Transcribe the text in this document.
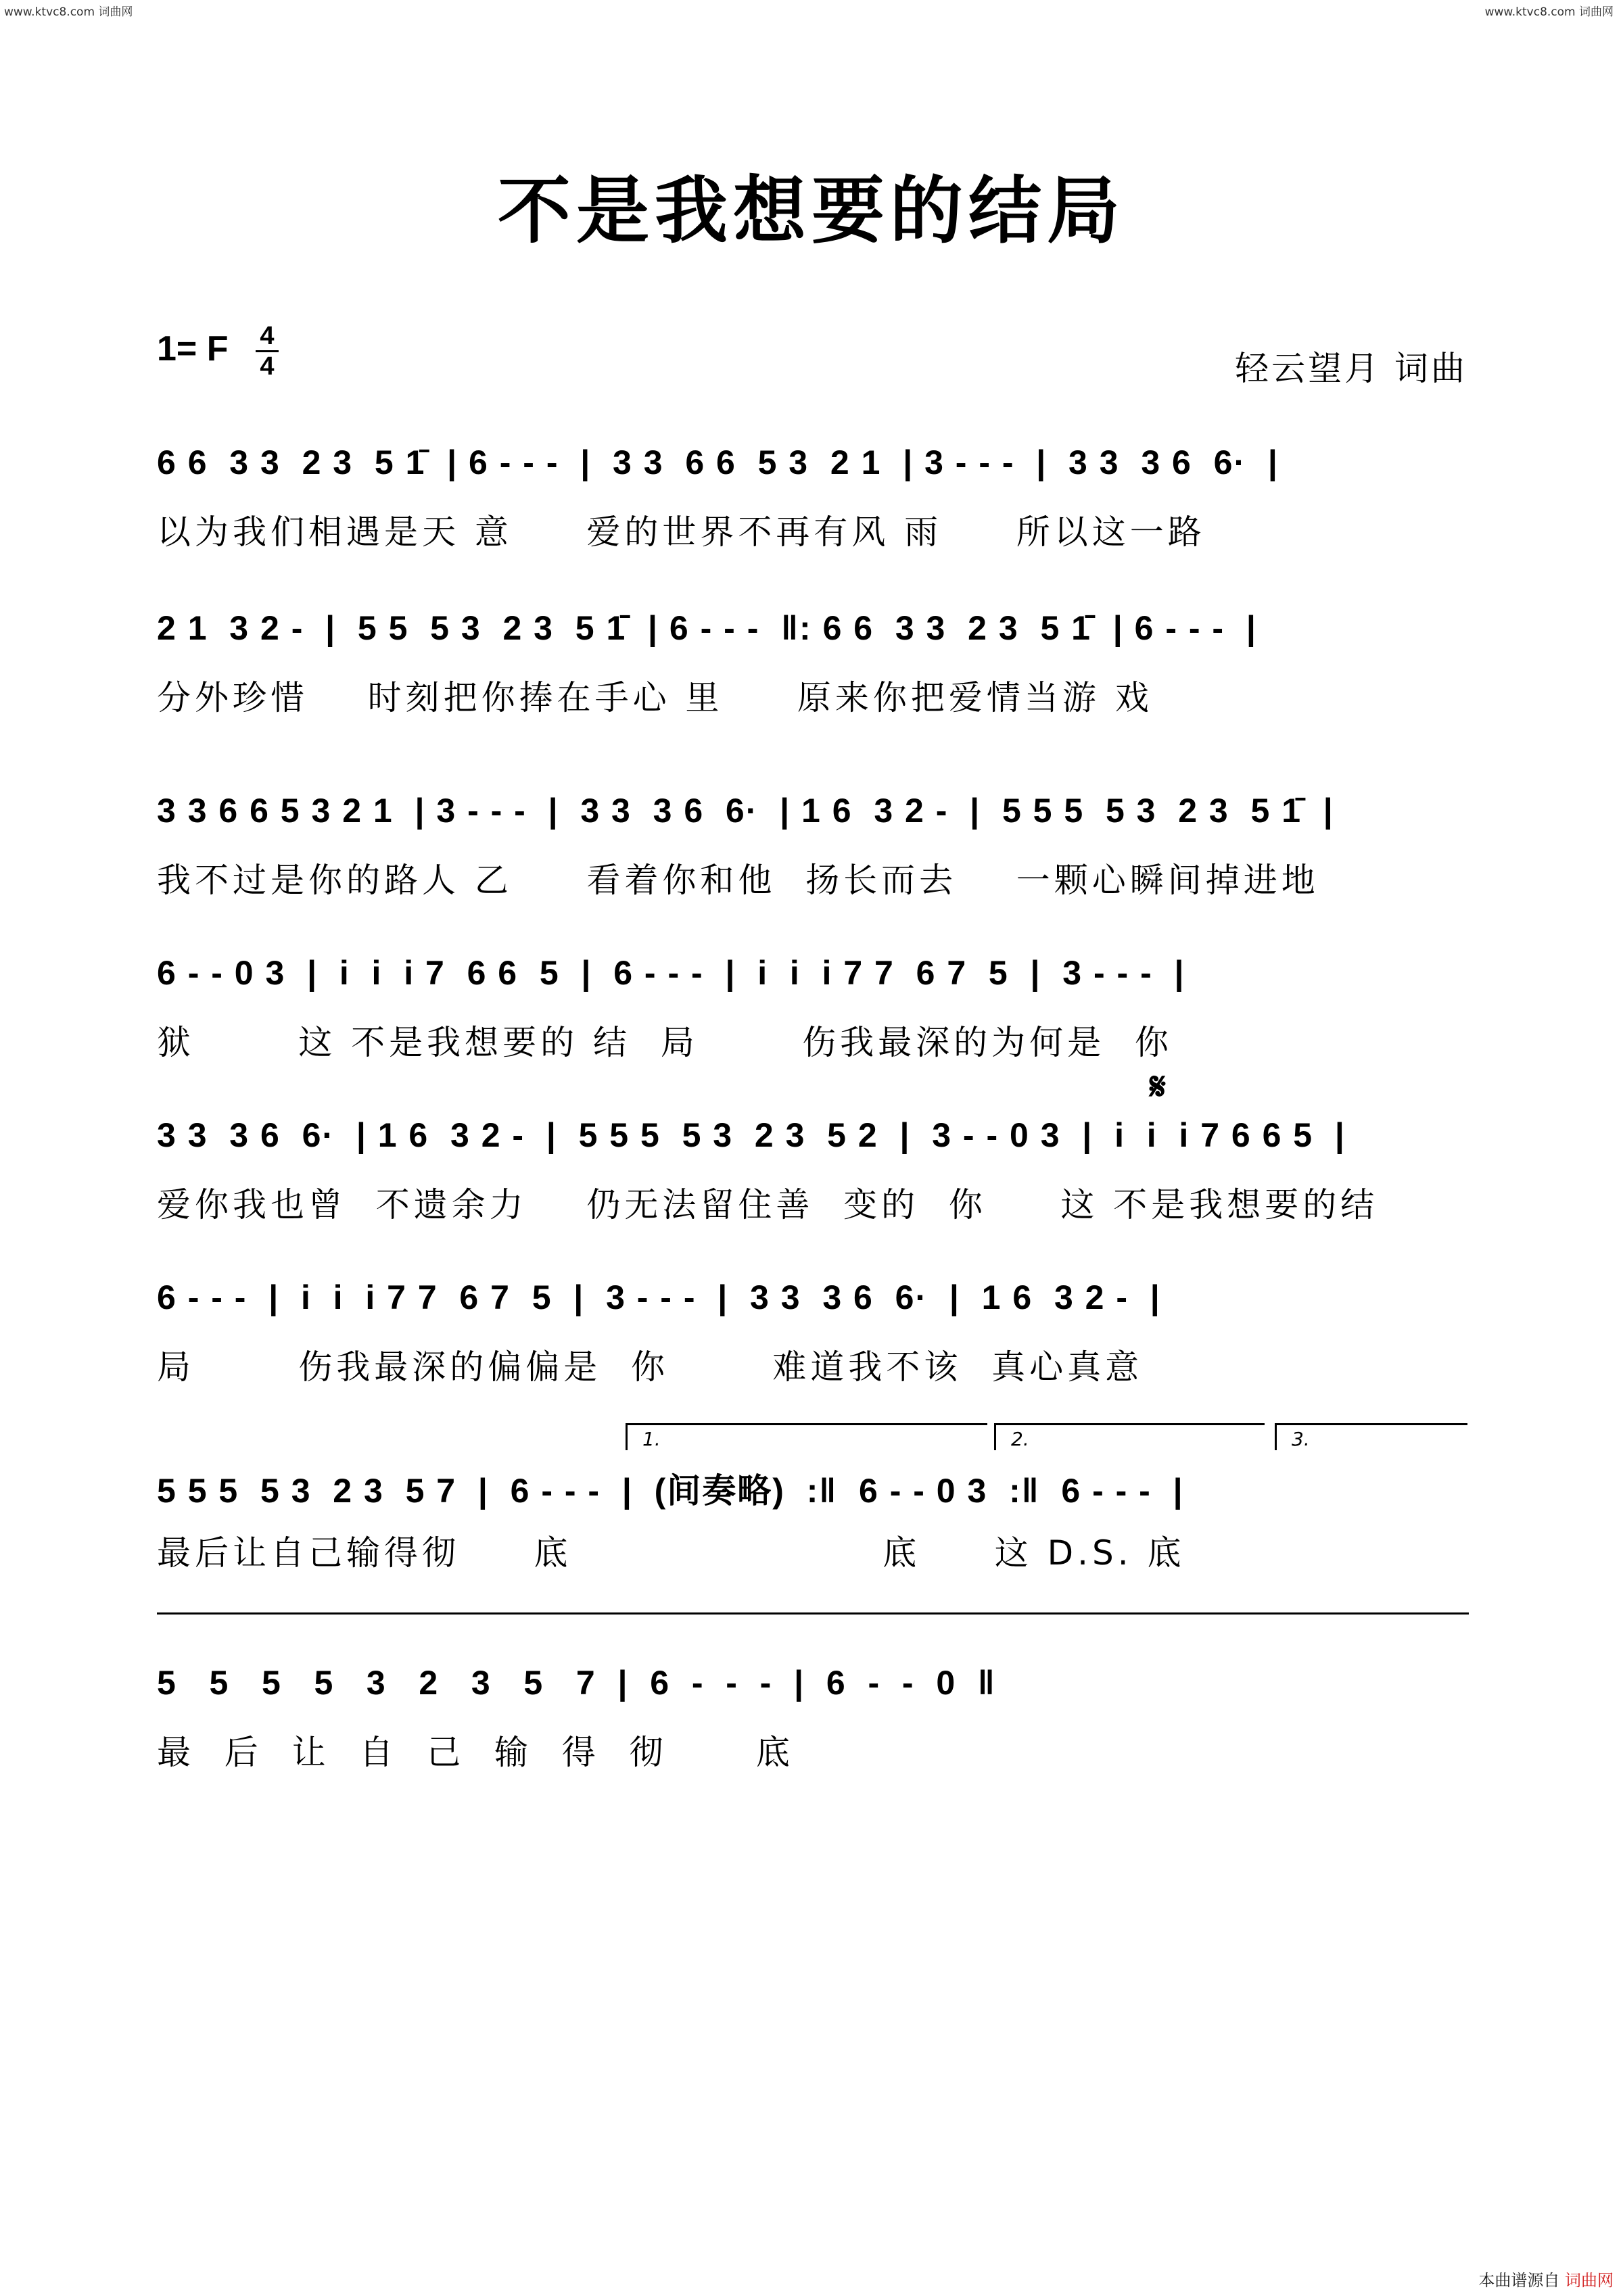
www.ktvc8.com 词曲网	www.ktvc8.com 词曲网
不是我想要的结局
1= F 4
4	轻云望月 词曲
6 6  3 3  2 3  5 1̄  | 6 - - -  |  3 3  6 6  5 3  2 1  | 3 - - -  |  3 3  3 6  6·  |
以为我们相遇是天 意     爱的世界不再有风 雨     所以这一路
2 1  3 2 -  |  5 5  5 3  2 3  5 1̄  | 6 - - -  ‖: 6 6  3 3  2 3  5 1̄  | 6 - - -  |
分外珍惜    时刻把你捧在手心 里     原来你把爱情当游 戏
3 3 6 6 5 3 2 1  | 3 - - -  |  3 3  3 6  6·  | 1 6  3 2 -  |  5 5 5  5 3  2 3  5 1̄  |
我不过是你的路人 乙     看着你和他  扬长而去    一颗心瞬间掉进地
6 - - 0 3  |  i  i  i 7  6 6  5  |  6 - - -  |  i  i  i 7 7  6 7  5  |  3 - - -  |
狱       这 不是我想要的 结  局       伤我最深的为何是  你
𝄋
3 3  3 6  6·  | 1 6  3 2 -  |  5 5 5  5 3  2 3  5 2  |  3 - - 0 3  |  i  i  i 7 6 6 5  |
爱你我也曾  不遗余力    仍无法留住善  变的  你     这 不是我想要的结
6 - - -  |  i  i  i 7 7  6 7  5  |  3 - - -  |  3 3  3 6  6·  |  1 6  3 2 -  |
局       伤我最深的偏偏是  你       难道我不该  真心真意
1.	2.	3.
5 5 5  5 3  2 3  5 7  |  6 - - -  |  (间奏略)  :‖  6 - - 0 3  :‖  6 - - -  |
最后让自己输得彻     底                     底     这 D.S. 底
5   5   5   5   3   2   3   5   7  |  6  -  -  -  |  6  -  -  0  ‖
最  后  让  自  己  输  得  彻      底
本曲谱源自 词曲网
